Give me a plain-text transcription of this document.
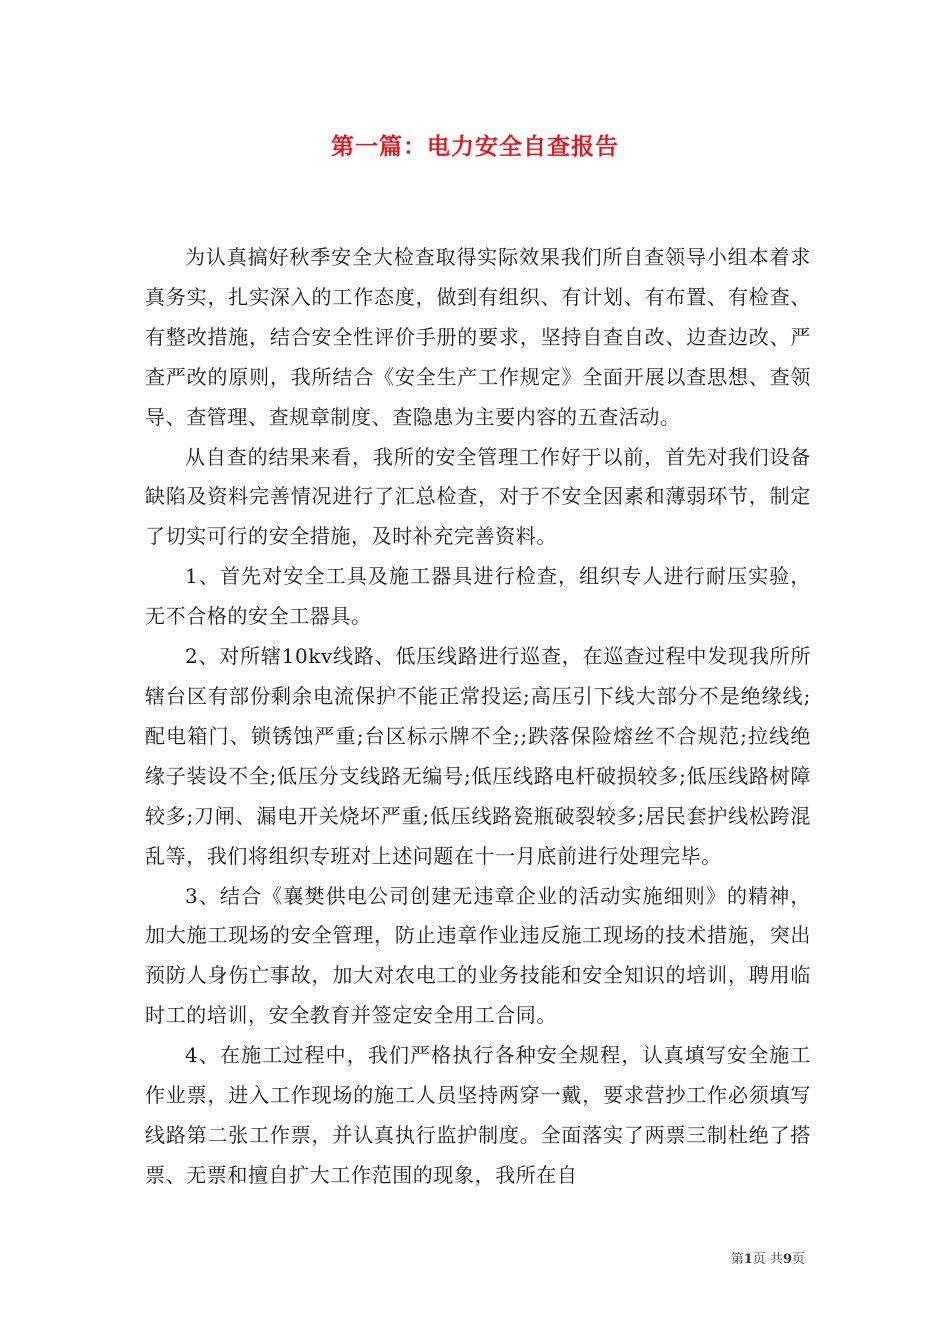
第一篇：电力安全自查报告

为认真搞好秋季安全大检查取得实际效果我们所自查领导小组本着求真务实，扎实深入的工作态度，做到有组织、有计划、有布置、有检查、有整改措施，结合安全性评价手册的要求，坚持自查自改、边查边改、严查严改的原则，我所结合《安全生产工作规定》全面开展以查思想、查领导、查管理、查规章制度、查隐患为主要内容的五查活动。

从自查的结果来看，我所的安全管理工作好于以前，首先对我们设备缺陷及资料完善情况进行了汇总检查，对于不安全因素和薄弱环节，制定了切实可行的安全措施，及时补充完善资料。

1、首先对安全工具及施工器具进行检查，组织专人进行耐压实验，无不合格的安全工器具。

2、对所辖10kv线路、低压线路进行巡查，在巡查过程中发现我所所辖台区有部份剩余电流保护不能正常投运;高压引下线大部分不是绝缘线;配电箱门、锁锈蚀严重;台区标示牌不全;;跌落保险熔丝不合规范;拉线绝缘子装设不全;低压分支线路无编号;低压线路电杆破损较多;低压线路树障较多;刀闸、漏电开关烧坏严重;低压线路瓷瓶破裂较多;居民套护线松跨混乱等，我们将组织专班对上述问题在十一月底前进行处理完毕。

3、结合《襄樊供电公司创建无违章企业的活动实施细则》的精神，加大施工现场的安全管理，防止违章作业违反施工现场的技术措施，突出预防人身伤亡事故，加大对农电工的业务技能和安全知识的培训，聘用临时工的培训，安全教育并签定安全用工合同。

4、在施工过程中，我们严格执行各种安全规程，认真填写安全施工作业票，进入工作现场的施工人员坚持两穿一戴，要求营抄工作必须填写线路第二张工作票，并认真执行监护制度。全面落实了两票三制杜绝了搭票、无票和擅自扩大工作范围的现象，我所在自

第1页 共9页
